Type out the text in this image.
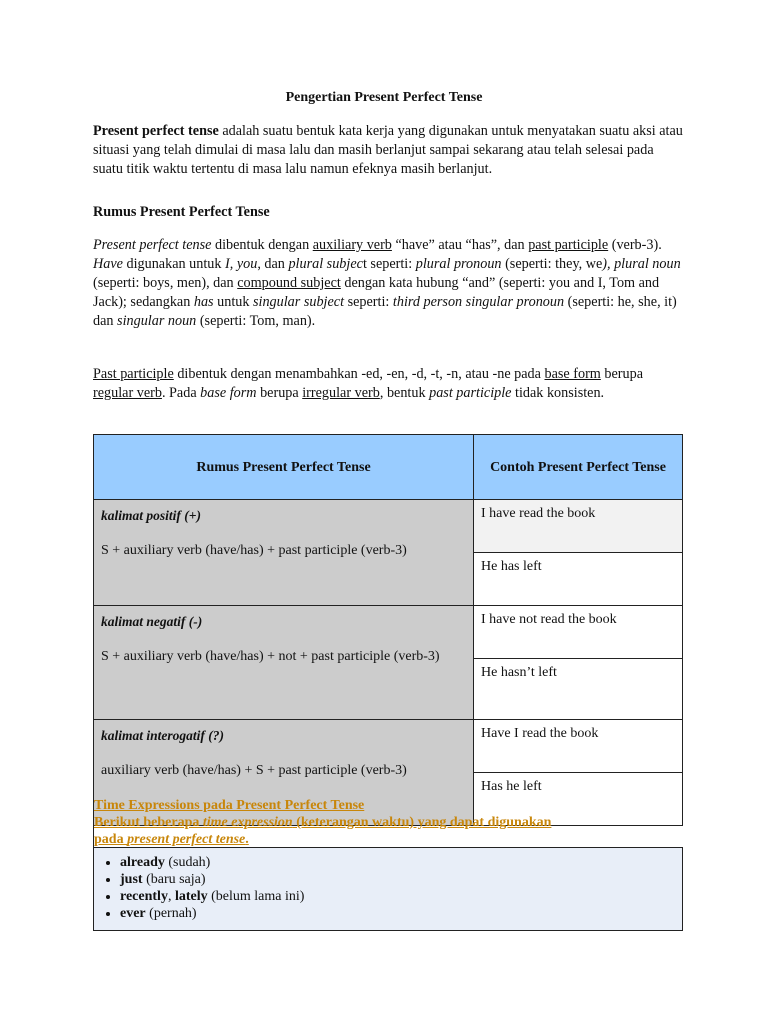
Pengertian Present Perfect Tense
Present perfect tense adalah suatu bentuk kata kerja yang digunakan untuk menyatakan suatu aksi atau situasi yang telah dimulai di masa lalu dan masih berlanjut sampai sekarang atau telah selesai pada suatu titik waktu tertentu di masa lalu namun efeknya masih berlanjut.
Rumus Present Perfect Tense
Present perfect tense dibentuk dengan auxiliary verb “have” atau “has”, dan past participle (verb-3). Have digunakan untuk I, you, dan plural subject seperti: plural pronoun (seperti: they, we), plural noun (seperti: boys, men), dan compound subject dengan kata hubung “and” (seperti: you and I, Tom and Jack); sedangkan has untuk singular subject seperti: third person singular pronoun (seperti: he, she, it) dan singular noun (seperti: Tom, man).
Past participle dibentuk dengan menambahkan -ed, -en, -d, -t, -n, atau -ne pada base form berupa regular verb. Pada base form berupa irregular verb, bentuk past participle tidak konsisten.
Rumus Present Perfect Tense	Contoh Present Perfect Tense

kalimat positif (+)
S + auxiliary verb (have/has) + past participle (verb-3)	I have read the book
	He has left

kalimat negatif (-)
S + auxiliary verb (have/has) + not + past participle (verb-3)	I have not read the book
	He hasn’t left

kalimat interogatif (?)
auxiliary verb (have/has) + S + past participle (verb-3)	Have I read the book
	Has he left
Time Expressions pada Present Perfect Tense
Berikut beberapa time expression (keterangan waktu) yang dapat digunakan
pada present perfect tense.
• already (sudah)
• just (baru saja)
• recently, lately (belum lama ini)
• ever (pernah)
